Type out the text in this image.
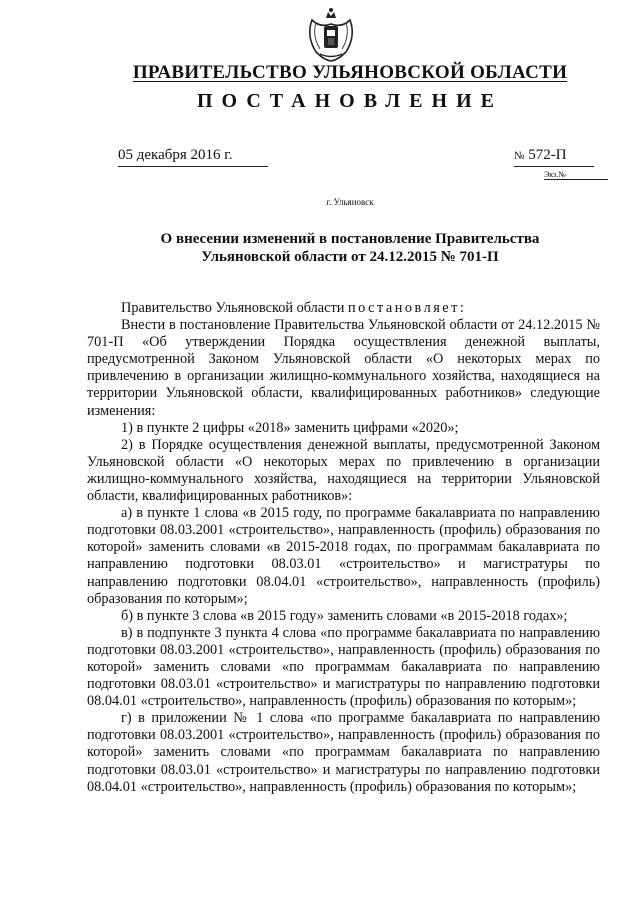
ПРАВИТЕЛЬСТВО УЛЬЯНОВСКОЙ ОБЛАСТИ
ПОСТАНОВЛЕНИЕ
05 декабря 2016 г.	№ 572-П
Экз.№
г. Ульяновск
О внесении изменений в постановление Правительства
Ульяновской области от 24.12.2015 № 701-П

Правительство Ульяновской области постановляет:

Внести в постановление Правительства Ульяновской области от 24.12.2015 № 701-П «Об утверждении Порядка осуществления денежной выплаты, предусмотренной Законом Ульяновской области «О некоторых мерах по привлечению в организации жилищно-коммунального хозяйства, находящиеся на территории Ульяновской области, квалифицированных работников» следующие изменения:

1) в пункте 2 цифры «2018» заменить цифрами «2020»;

2) в Порядке осуществления денежной выплаты, предусмотренной Законом Ульяновской области «О некоторых мерах по привлечению в организации жилищно-коммунального хозяйства, находящиеся на территории Ульяновской области, квалифицированных работников»:

а) в пункте 1 слова «в 2015 году, по программе бакалавриата по направлению подготовки 08.03.2001 «строительство», направленность (профиль) образования по которой» заменить словами «в 2015-2018 годах, по программам бакалавриата по направлению подготовки 08.03.01 «строительство» и магистратуры по направлению подготовки 08.04.01 «строительство», направленность (профиль) образования по которым»;

б) в пункте 3 слова «в 2015 году» заменить словами «в 2015-2018 годах»;

в) в подпункте 3 пункта 4 слова «по программе бакалавриата по направлению подготовки 08.03.2001 «строительство», направленность (профиль) образования по которой» заменить словами «по программам бакалавриата по направлению подготовки 08.03.01 «строительство» и магистратуры по направлению подготовки 08.04.01 «строительство», направленность (профиль) образования по которым»;

г) в приложении № 1 слова «по программе бакалавриата по направлению подготовки 08.03.2001 «строительство», направленность (профиль) образования по которой» заменить словами «по программам бакалавриата по направлению подготовки 08.03.01 «строительство» и магистратуры по направлению подготовки 08.04.01 «строительство», направленность (профиль) образования по которым»;
